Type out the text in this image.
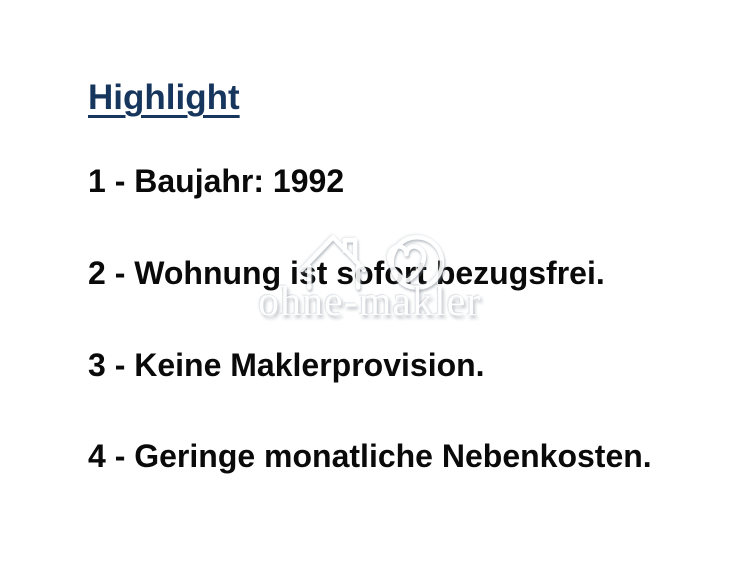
Highlight

1 - Baujahr: 1992

2 - Wohnung ist sofort bezugsfrei.

3 - Keine Maklerprovision.

4 - Geringe monatliche Nebenkosten.

ohne-makler
